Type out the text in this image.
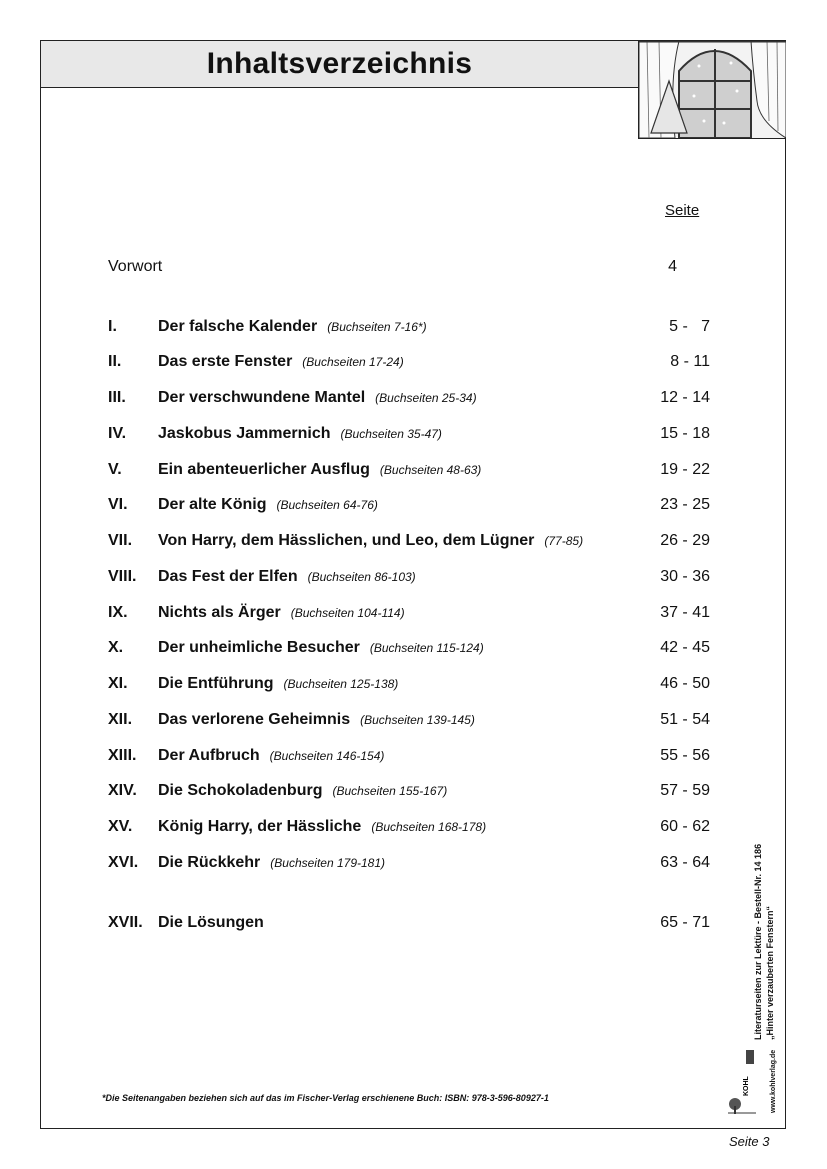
Inhaltsverzeichnis
Seite
Vorwort	4
I.	Der falsche Kalender (Buchseiten 7-16*)	5 -   7
II. Das erste Fenster (Buchseiten 17-24)	8 - 11
III. Der verschwundene Mantel (Buchseiten 25-34)	12 - 14
IV. Jaskobus Jammernich (Buchseiten 35-47)	15 - 18
V. Ein abenteuerlicher Ausflug (Buchseiten 48-63)	19 - 22
VI. Der alte König (Buchseiten 64-76)	23 - 25
VII. Von Harry, dem Hässlichen, und Leo, dem Lügner (77-85)	26 - 29
VIII. Das Fest der Elfen (Buchseiten 86-103)	30 - 36
IX. Nichts als Ärger (Buchseiten 104-114)	37 - 41
X. Der unheimliche Besucher (Buchseiten 115-124)	42 - 45
XI. Die Entführung (Buchseiten 125-138)	46 - 50
XII. Das verlorene Geheimnis (Buchseiten 139-145)	51 - 54
XIII. Der Aufbruch (Buchseiten 146-154)	55 - 56
XIV. Die Schokoladenburg (Buchseiten 155-167)	57 - 59
XV. König Harry, der Hässliche (Buchseiten 168-178)	60 - 62
XVI. Die Rückkehr (Buchseiten 179-181)	63 - 64
XVII. Die Lösungen	65 - 71
*Die Seitenangaben beziehen sich auf das im Fischer-Verlag erschienene Buch: ISBN: 978-3-596-80927-1
Literaturseiten zur Lektüre - Bestell-Nr. 14 186 „Hinter verzauberten Fenstern“
www.kohlverlag.de
KOHL
Seite 3
